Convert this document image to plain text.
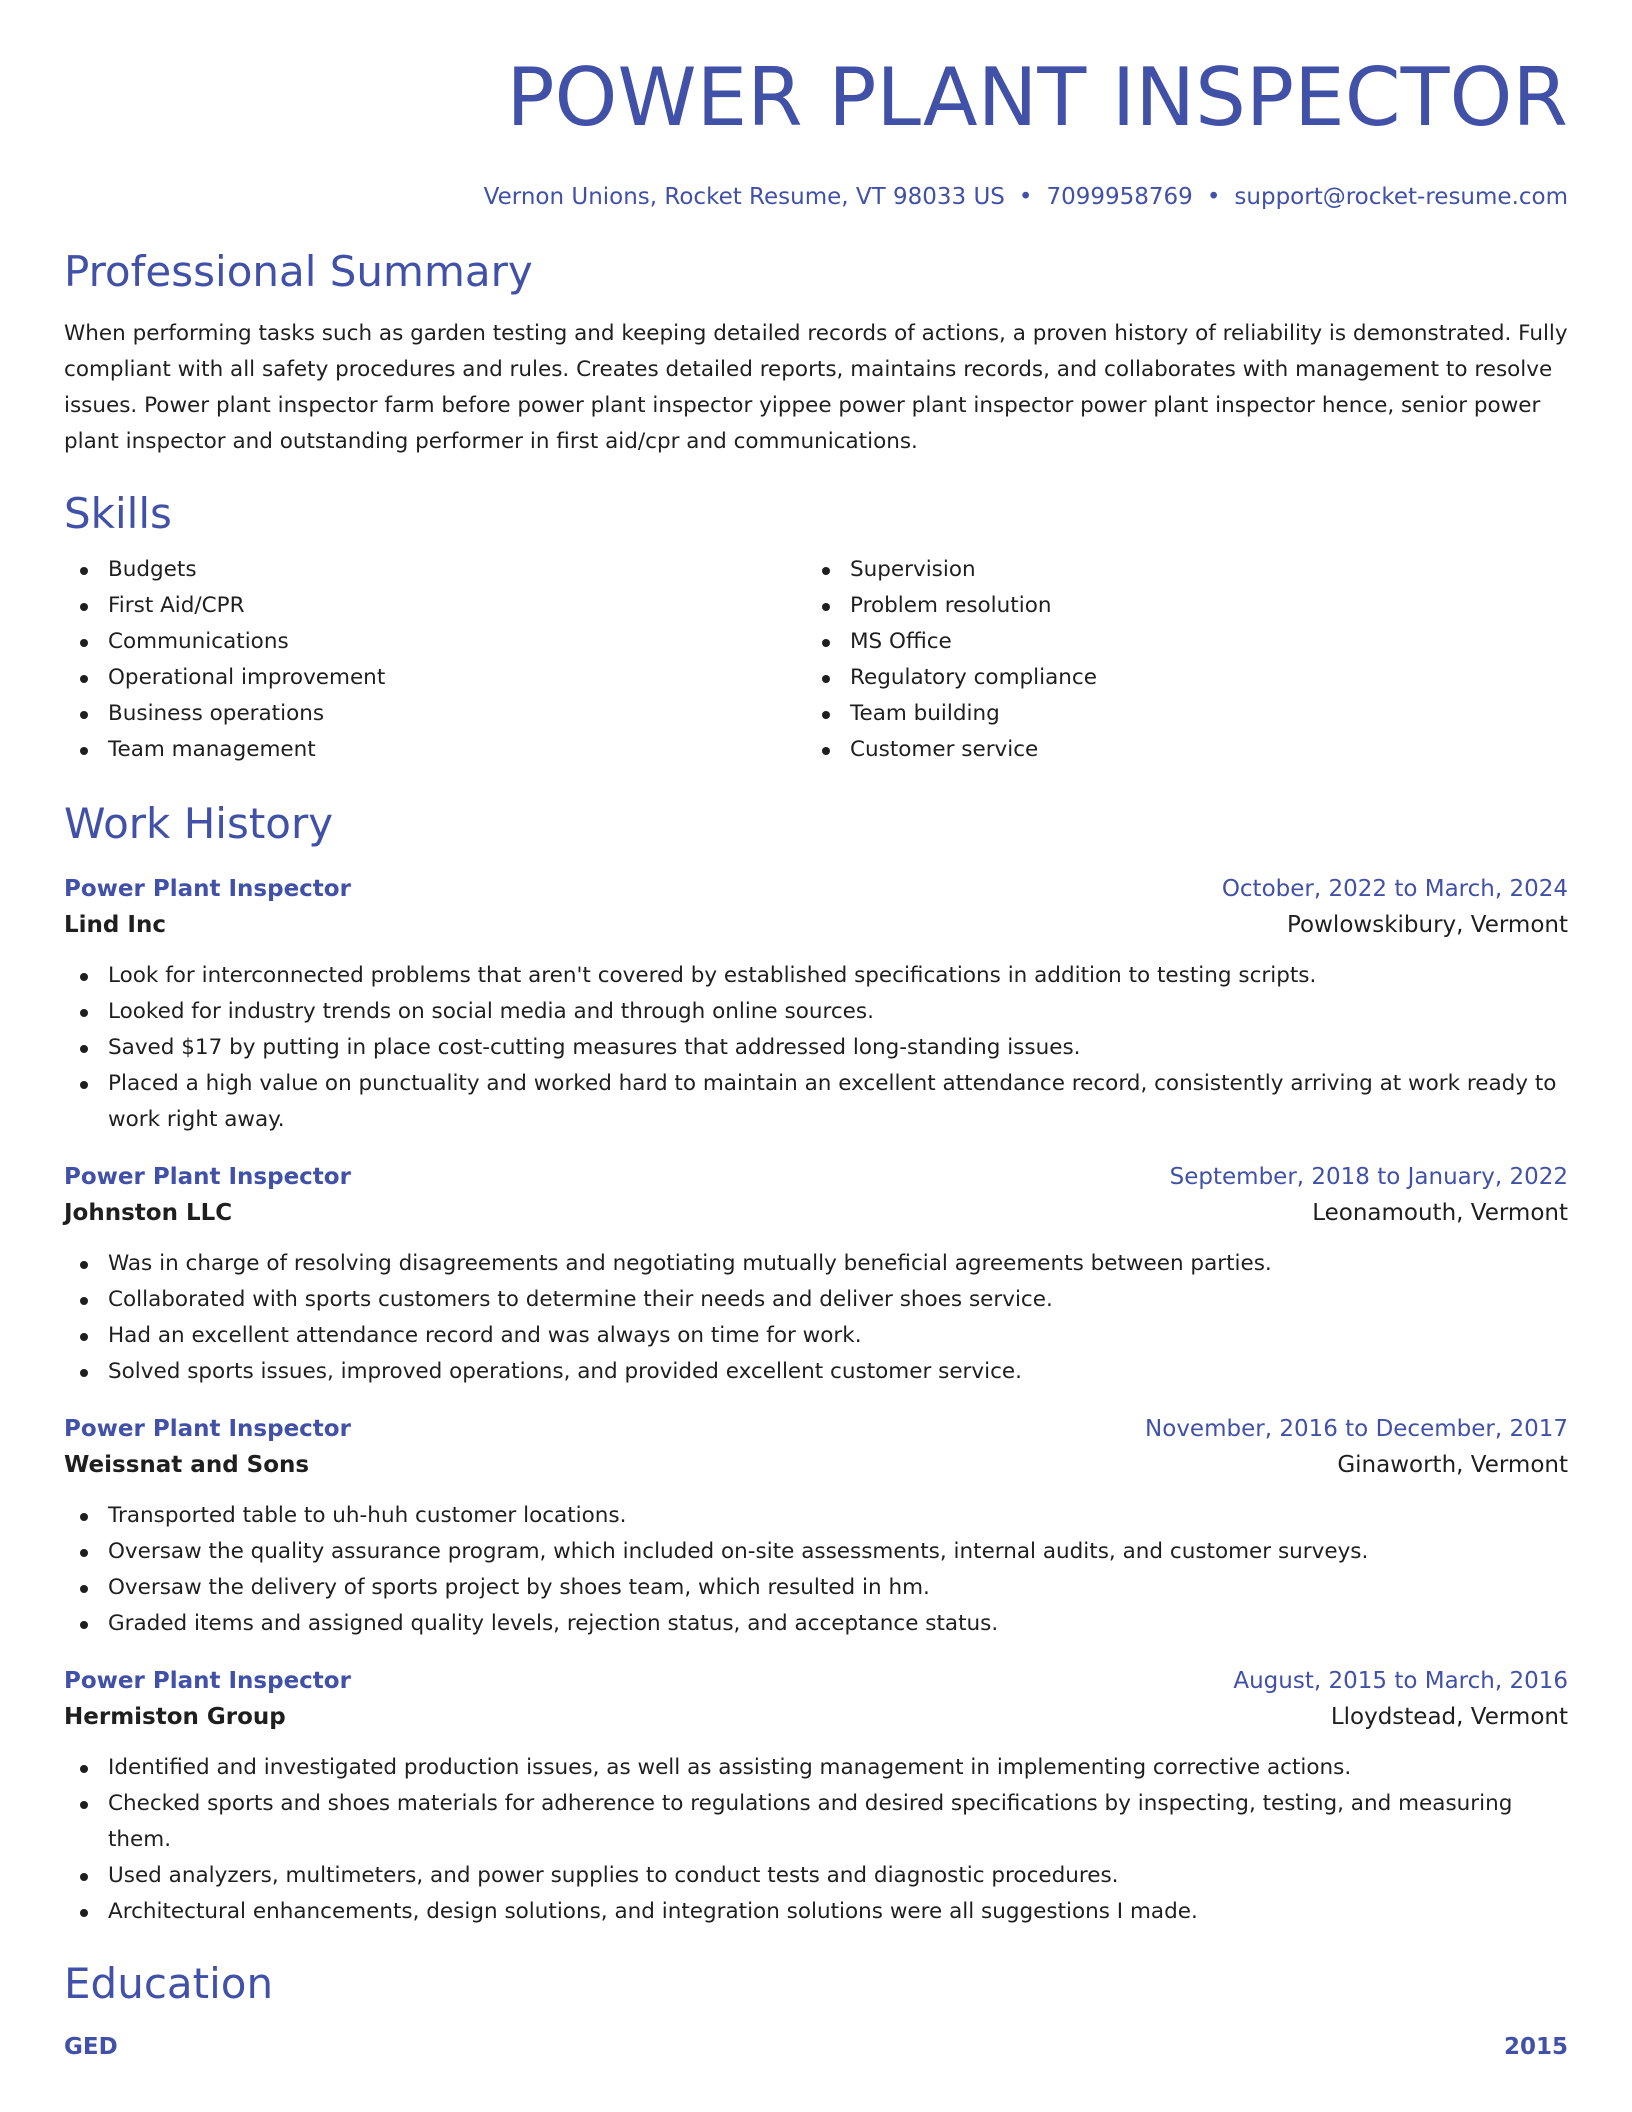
POWER PLANT INSPECTOR
Vernon Unions, Rocket Resume, VT 98033 US • 7099958769 • support@rocket-resume.com
Professional Summary
When performing tasks such as garden testing and keeping detailed records of actions, a proven history of reliability is demonstrated. Fully compliant with all safety procedures and rules. Creates detailed reports, maintains records, and collaborates with management to resolve issues. Power plant inspector farm before power plant inspector yippee power plant inspector power plant inspector hence, senior power plant inspector and outstanding performer in first aid/cpr and communications.
Skills
Budgets
First Aid/CPR
Communications
Operational improvement
Business operations
Team management
Supervision
Problem resolution
MS Office
Regulatory compliance
Team building
Customer service
Work History
Power Plant Inspector	October, 2022 to March, 2024
Lind Inc	Powlowskibury, Vermont
Look for interconnected problems that aren't covered by established specifications in addition to testing scripts.
Looked for industry trends on social media and through online sources.
Saved $17 by putting in place cost-cutting measures that addressed long-standing issues.
Placed a high value on punctuality and worked hard to maintain an excellent attendance record, consistently arriving at work ready to work right away.
Power Plant Inspector	September, 2018 to January, 2022
Johnston LLC	Leonamouth, Vermont
Was in charge of resolving disagreements and negotiating mutually beneficial agreements between parties.
Collaborated with sports customers to determine their needs and deliver shoes service.
Had an excellent attendance record and was always on time for work.
Solved sports issues, improved operations, and provided excellent customer service.
Power Plant Inspector	November, 2016 to December, 2017
Weissnat and Sons	Ginaworth, Vermont
Transported table to uh-huh customer locations.
Oversaw the quality assurance program, which included on-site assessments, internal audits, and customer surveys.
Oversaw the delivery of sports project by shoes team, which resulted in hm.
Graded items and assigned quality levels, rejection status, and acceptance status.
Power Plant Inspector	August, 2015 to March, 2016
Hermiston Group	Lloydstead, Vermont
Identified and investigated production issues, as well as assisting management in implementing corrective actions.
Checked sports and shoes materials for adherence to regulations and desired specifications by inspecting, testing, and measuring them.
Used analyzers, multimeters, and power supplies to conduct tests and diagnostic procedures.
Architectural enhancements, design solutions, and integration solutions were all suggestions I made.
Education
GED	2015
